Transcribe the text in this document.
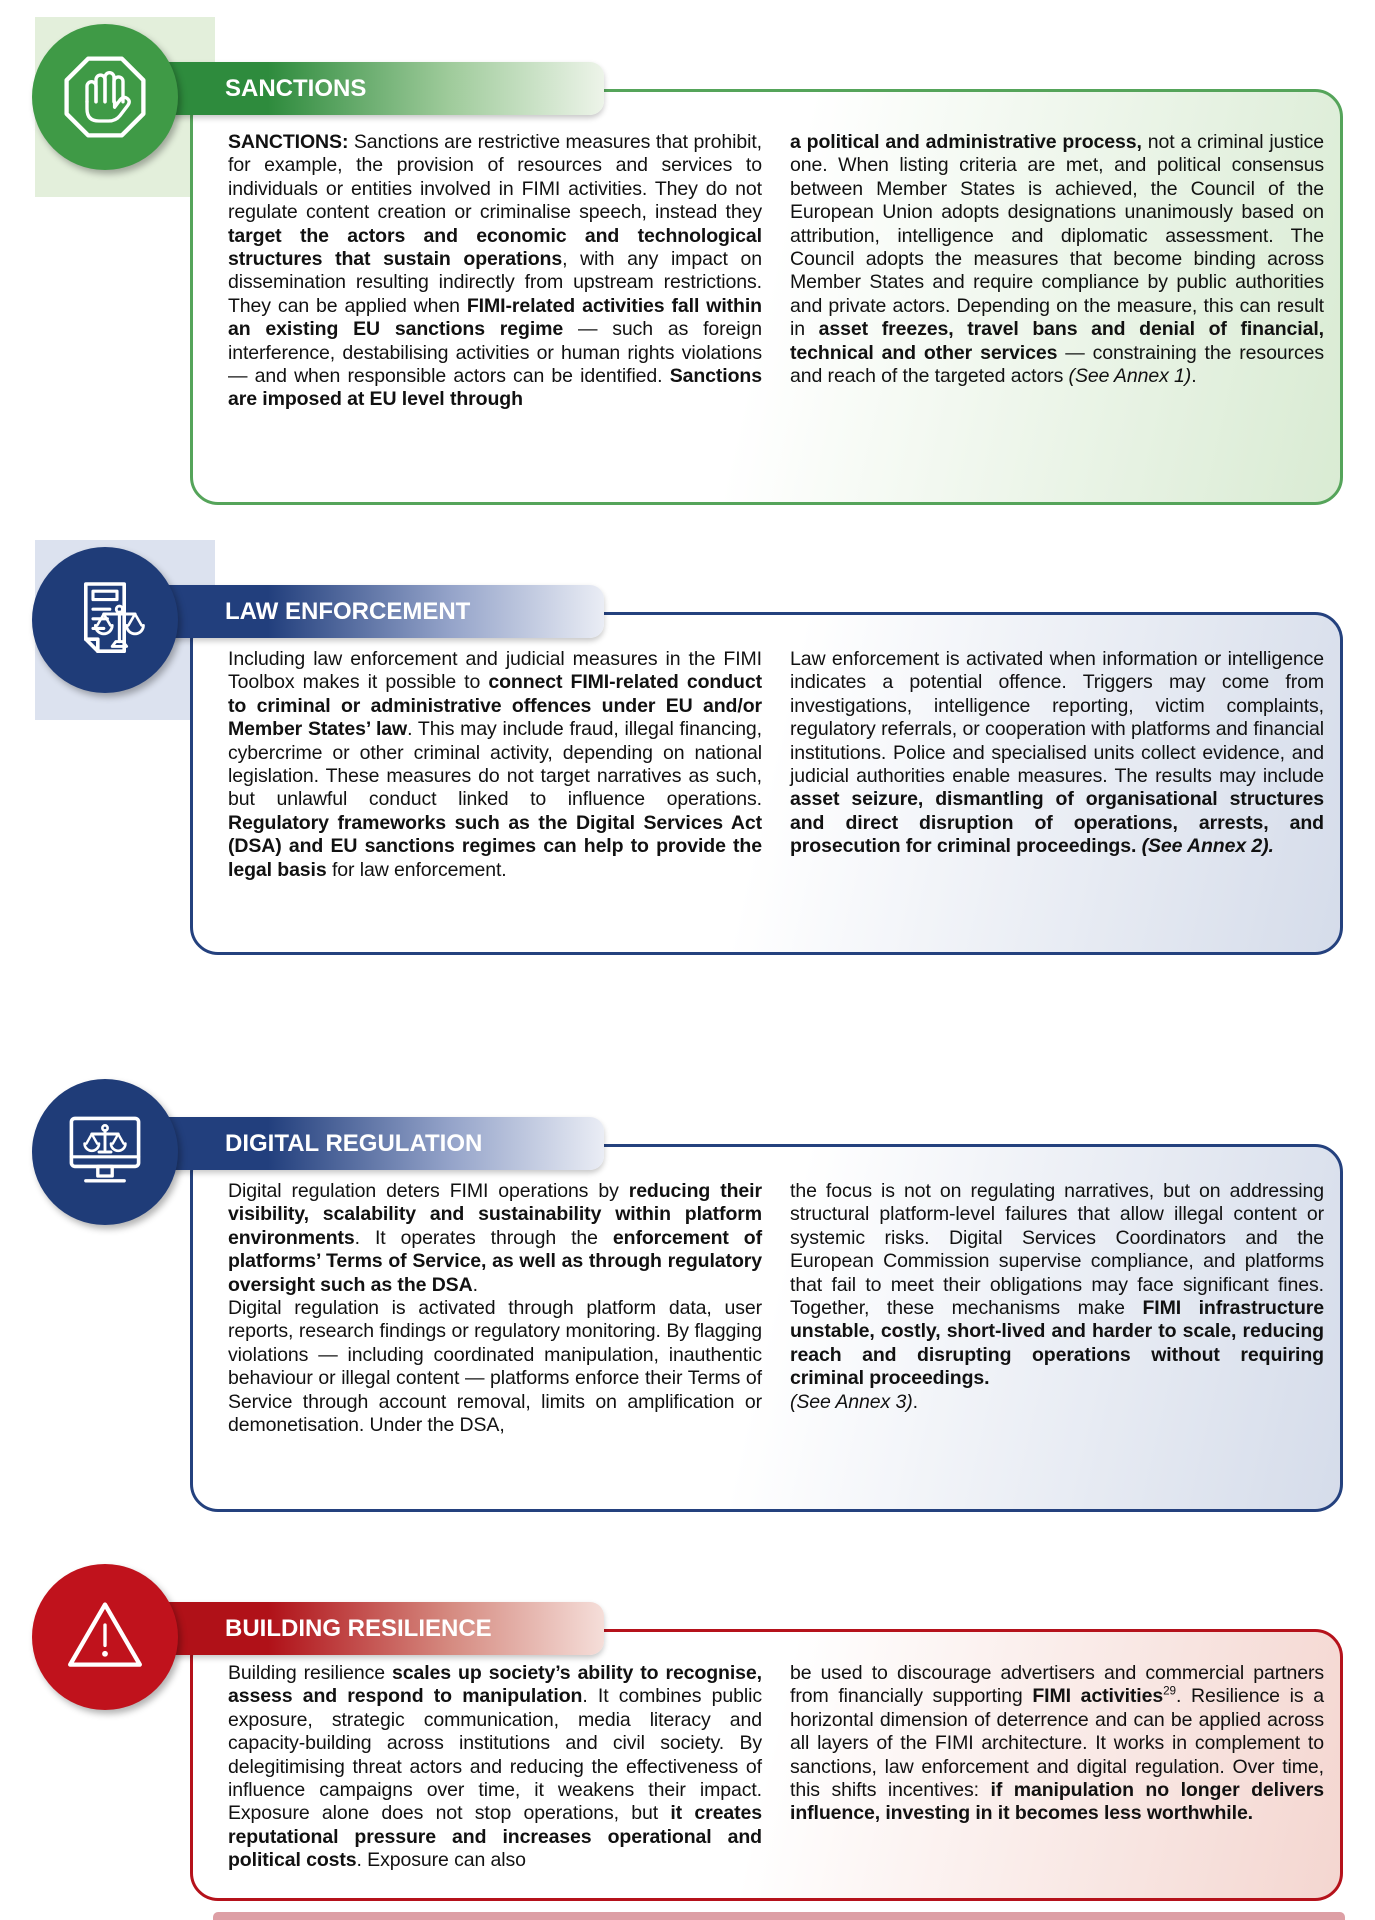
SANCTIONS: Sanctions are restrictive measures that prohibit, for example, the provision of resources and services to individuals or entities involved in FIMI activities. They do not regulate content creation or criminalise speech, instead they target the actors and economic and technological structures that sustain operations, with any impact on dissemination resulting indirectly from upstream restrictions. They can be applied when FIMI-related activities fall within an existing EU sanctions regime — such as foreign interference, destabilising activities or human rights violations — and when responsible actors can be identified. Sanctions are imposed at EU level through
a political and administrative process, not a criminal justice one. When listing criteria are met, and political consensus between Member States is achieved, the Council of the European Union adopts designations unanimously based on attribution, intelligence and diplomatic assessment. The Council adopts the measures that become binding across Member States and require compliance by public authorities and private actors. Depending on the measure, this can result in asset freezes, travel bans and denial of financial, technical and other services — constraining the resources and reach of the targeted actors (See Annex 1).
SANCTIONS
Including law enforcement and judicial measures in the FIMI Toolbox makes it possible to connect FIMI-related conduct to criminal or administrative offences under EU and/or Member States’ law. This may include fraud, illegal financing, cybercrime or other criminal activity, depending on national legislation. These measures do not target narratives as such, but unlawful conduct linked to influence operations. Regulatory frameworks such as the Digital Services Act (DSA) and EU sanctions regimes can help to provide the legal basis for law enforcement.
Law enforcement is activated when information or intelligence indicates a potential offence. Triggers may come from investigations, intelligence reporting, victim complaints, regulatory referrals, or cooperation with platforms and financial institutions. Police and specialised units collect evidence, and judicial authorities enable measures. The results may include asset seizure, dismantling of organisational structures and direct disruption of operations, arrests, and prosecution for criminal proceedings. (See Annex 2).
LAW ENFORCEMENT
Digital regulation deters FIMI operations by reducing their visibility, scalability and sustainability within platform environments. It operates through the enforcement of platforms’ Terms of Service, as well as through regulatory oversight such as the DSA.
Digital regulation is activated through platform data, user reports, research findings or regulatory monitoring. By flagging violations — including coordinated manipulation, inauthentic behaviour or illegal content — platforms enforce their Terms of Service through account removal, limits on amplification or demonetisation. Under the DSA,
the focus is not on regulating narratives, but on addressing structural platform-level failures that allow illegal content or systemic risks. Digital Services Coordinators and the European Commission supervise compliance, and platforms that fail to meet their obligations may face significant fines. Together, these mechanisms make FIMI infrastructure unstable, costly, short-lived and harder to scale, reducing reach and disrupting operations without requiring criminal proceedings.
(See Annex 3).
DIGITAL REGULATION
Building resilience scales up society’s ability to recognise, assess and respond to manipulation. It combines public exposure, strategic communication, media literacy and capacity-building across institutions and civil society. By delegitimising threat actors and reducing the effectiveness of influence campaigns over time, it weakens their impact. Exposure alone does not stop operations, but it creates reputational pressure and increases operational and political costs. Exposure can also
be used to discourage advertisers and commercial partners from financially supporting FIMI activities$^{29}$. Resilience is a horizontal dimension of deterrence and can be applied across all layers of the FIMI architecture. It works in complement to sanctions, law enforcement and digital regulation. Over time, this shifts incentives: if manipulation no longer delivers influence, investing in it becomes less worthwhile.
BUILDING RESILIENCE
